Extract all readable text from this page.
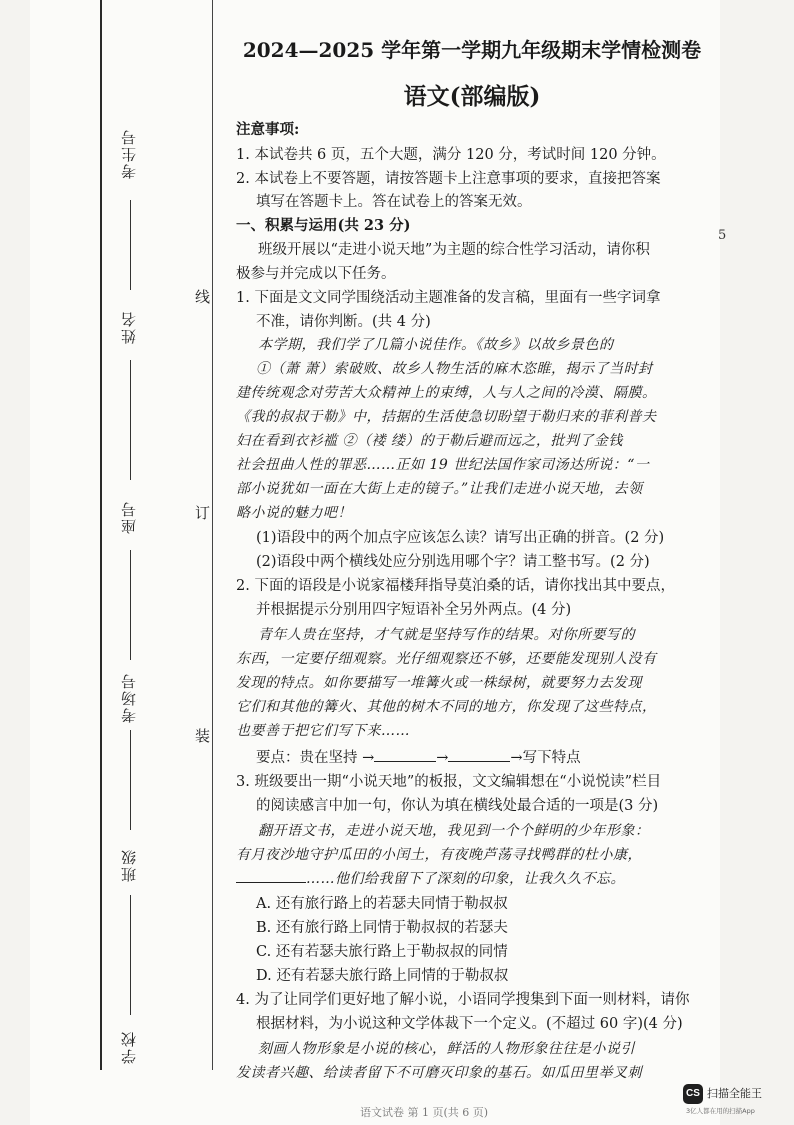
考生号
姓名
座号
考场号
班级
学校
线
订
装
2024—2025 学年第一学期九年级期末学情检测卷
语文(部编版)
注意事项:
1. 本试卷共 6 页，五个大题，满分 120 分，考试时间 120 分钟。
2. 本试卷上不要答题，请按答题卡上注意事项的要求，直接把答案
填写在答题卡上。答在试卷上的答案无效。
一、积累与运用(共 23 分)
班级开展以“走进小说天地”为主题的综合性学习活动，请你积
极参与并完成以下任务。
1. 下面是文文同学围绕活动主题准备的发言稿，里面有一些字词拿
不准，请你判断。(共 4 分)
本学期，我们学了几篇小说佳作。《故乡》以故乡景色的
①（萧 萧）索破败、故乡人物生活的麻木恣睢，揭示了当时封
建传统观念对劳苦大众精神上的束缚，人与人之间的冷漠、隔膜。
《我的叔叔于勒》中，拮据的生活使急切盼望于勒归来的菲利普夫
妇在看到衣衫褴 ②（褛 缕）的于勒后避而远之，批判了金钱
社会扭曲人性的罪恶……正如 19 世纪法国作家司汤达所说：“一
部小说犹如一面在大街上走的镜子。”让我们走进小说天地，去领
略小说的魅力吧！
(1)语段中的两个加点字应该怎么读？请写出正确的拼音。(2 分)
(2)语段中两个横线处应分别选用哪个字？请工整书写。(2 分)
2. 下面的语段是小说家福楼拜指导莫泊桑的话，请你找出其中要点，
并根据提示分别用四字短语补全另外两点。(4 分)
青年人贵在坚持，才气就是坚持写作的结果。对你所要写的
东西，一定要仔细观察。光仔细观察还不够，还要能发现别人没有
发现的特点。如你要描写一堆篝火或一株绿树，就要努力去发现
它们和其他的篝火、其他的树木不同的地方，你发现了这些特点，
也要善于把它们写下来……
要点：贵在坚持 →	→	→写下特点
3. 班级要出一期“小说天地”的板报，文文编辑想在“小说悦读”栏目
的阅读感言中加一句，你认为填在横线处最合适的一项是(3 分)
翻开语文书，走进小说天地，我见到一个个鲜明的少年形象：
有月夜沙地守护瓜田的小闰土，有夜晚芦荡寻找鸭群的杜小康，
……他们给我留下了深刻的印象，让我久久不忘。
A. 还有旅行路上的若瑟夫同情于勒叔叔
B. 还有旅行路上同情于勒叔叔的若瑟夫
C. 还有若瑟夫旅行路上于勒叔叔的同情
D. 还有若瑟夫旅行路上同情的于勒叔叔
4. 为了让同学们更好地了解小说，小语同学搜集到下面一则材料，请你
根据材料，为小说这种文学体裁下一个定义。(不超过 60 字)(4 分)
刻画人物形象是小说的核心，鲜活的人物形象往往是小说引
发读者兴趣、给读者留下不可磨灭印象的基石。如瓜田里举叉刺
语文试卷 第 1 页(共 6 页)
5
CS 扫描全能王
3亿人都在用的扫描App
